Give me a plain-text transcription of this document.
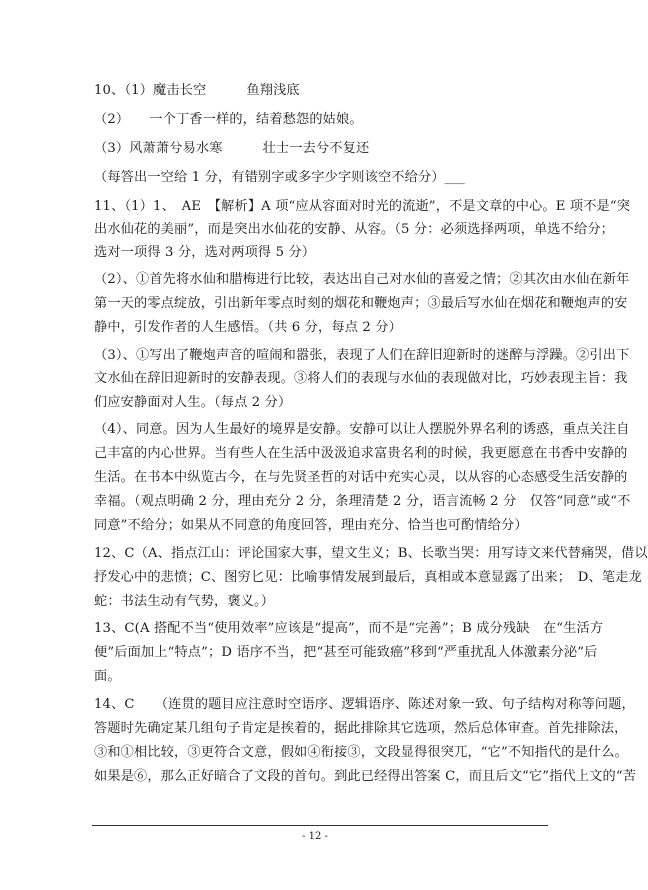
10、（1）魔击长空　　　鱼翔浅底
（2）　　一个丁香一样的，结着愁怨的姑娘。
（3）风萧萧兮易水寒　　　壮士一去兮不复还
（每答出一空给 1 分，有错别字或多字少字则该空不给分）___
11、（1）1、　AE　【解析】A 项“应从容面对时光的流逝”，不是文章的中心。E 项不是“突
出水仙花的美丽”，而是突出水仙花的安静、从容。（5 分：必须选择两项，单选不给分；
选对一项得 3 分，选对两项得 5 分）
（2）、①首先将水仙和腊梅进行比较，表达出自己对水仙的喜爱之情；②其次由水仙在新年
第一天的零点绽放，引出新年零点时刻的烟花和鞭炮声；③最后写水仙在烟花和鞭炮声的安
静中，引发作者的人生感悟。（共 6 分，每点 2 分）
（3）、①写出了鞭炮声音的喧闹和嚣张，表现了人们在辞旧迎新时的迷醉与浮躁。②引出下
文水仙在辞旧迎新时的安静表现。③将人们的表现与水仙的表现做对比，巧妙表现主旨：我
们应安静面对人生。（每点 2 分）
（4）、同意。因为人生最好的境界是安静。安静可以让人摆脱外界名利的诱惑，重点关注自
己丰富的内心世界。当有些人在生活中汲汲追求富贵名利的时候，我更愿意在书香中安静的
生活。在书本中纵览古今，在与先贤圣哲的对话中充实心灵，以从容的心态感受生活安静的
幸福。（观点明确 2 分，理由充分 2 分，条理清楚 2 分，语言流畅 2 分　仅答“同意”或“不
同意”不给分；如果从不同意的角度回答，理由充分、恰当也可酌情给分）
12、C（A、指点江山：评论国家大事，望文生义；B、长歌当哭：用写诗文来代替痛哭，借以
抒发心中的悲愤；C、图穷匕见：比喻事情发展到最后，真相或本意显露了出来；　D、笔走龙
蛇：书法生动有气势，褒义。）
13、C(A 搭配不当“使用效率”应该是“提高”，而不是“完善”；B 成分残缺　在“生活方
便”后面加上“特点”；D 语序不当，把“甚至可能致癌”移到“严重扰乱人体激素分泌”后
面。
14、C　　（连贯的题目应注意时空语序、逻辑语序、陈述对象一致、句子结构对称等问题，
答题时先确定某几组句子肯定是挨着的，据此排除其它选项，然后总体审查。首先排除法，
③和①相比较，③更符合文意，假如④衔接③，文段显得很突兀，“它”不知指代的是什么。
如果是⑥，那么正好暗合了文段的首句。到此已经得出答案 C，而且后文“它”指代上文的“苦
- 12 -
